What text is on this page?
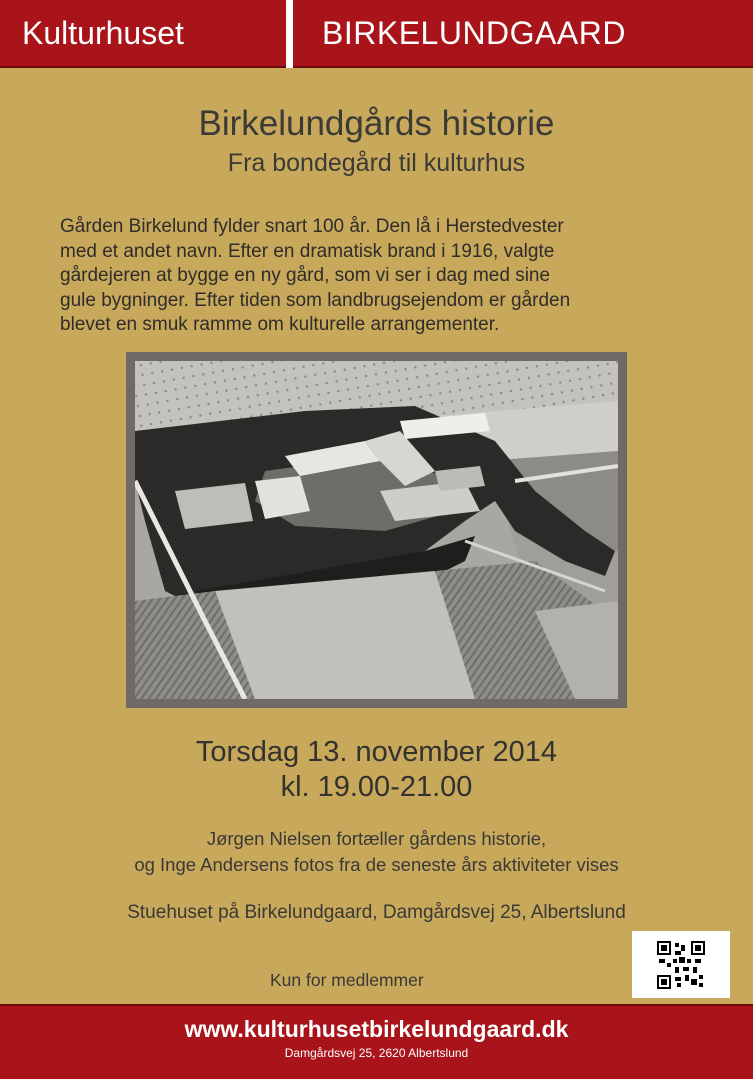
Kulturhuset	BIRKELUNDGAARD
Birkelundgårds historie
Fra bondegård til kulturhus
Gården Birkelund fylder snart 100 år. Den lå i Herstedvester
med et andet navn. Efter en dramatisk brand i 1916, valgte
gårdejeren at bygge en ny gård, som vi ser i dag med sine
gule bygninger. Efter tiden som landbrugsejendom er gården
blevet en smuk ramme om kulturelle arrangementer.
Torsdag 13. november 2014
kl. 19.00-21.00
Jørgen Nielsen fortæller gårdens historie,
og Inge Andersens fotos fra de seneste års aktiviteter vises
Stuehuset på Birkelundgaard, Damgårdsvej 25, Albertslund
Kun for medlemmer
www.kulturhusetbirkelundgaard.dk
Damgårdsvej 25, 2620 Albertslund
